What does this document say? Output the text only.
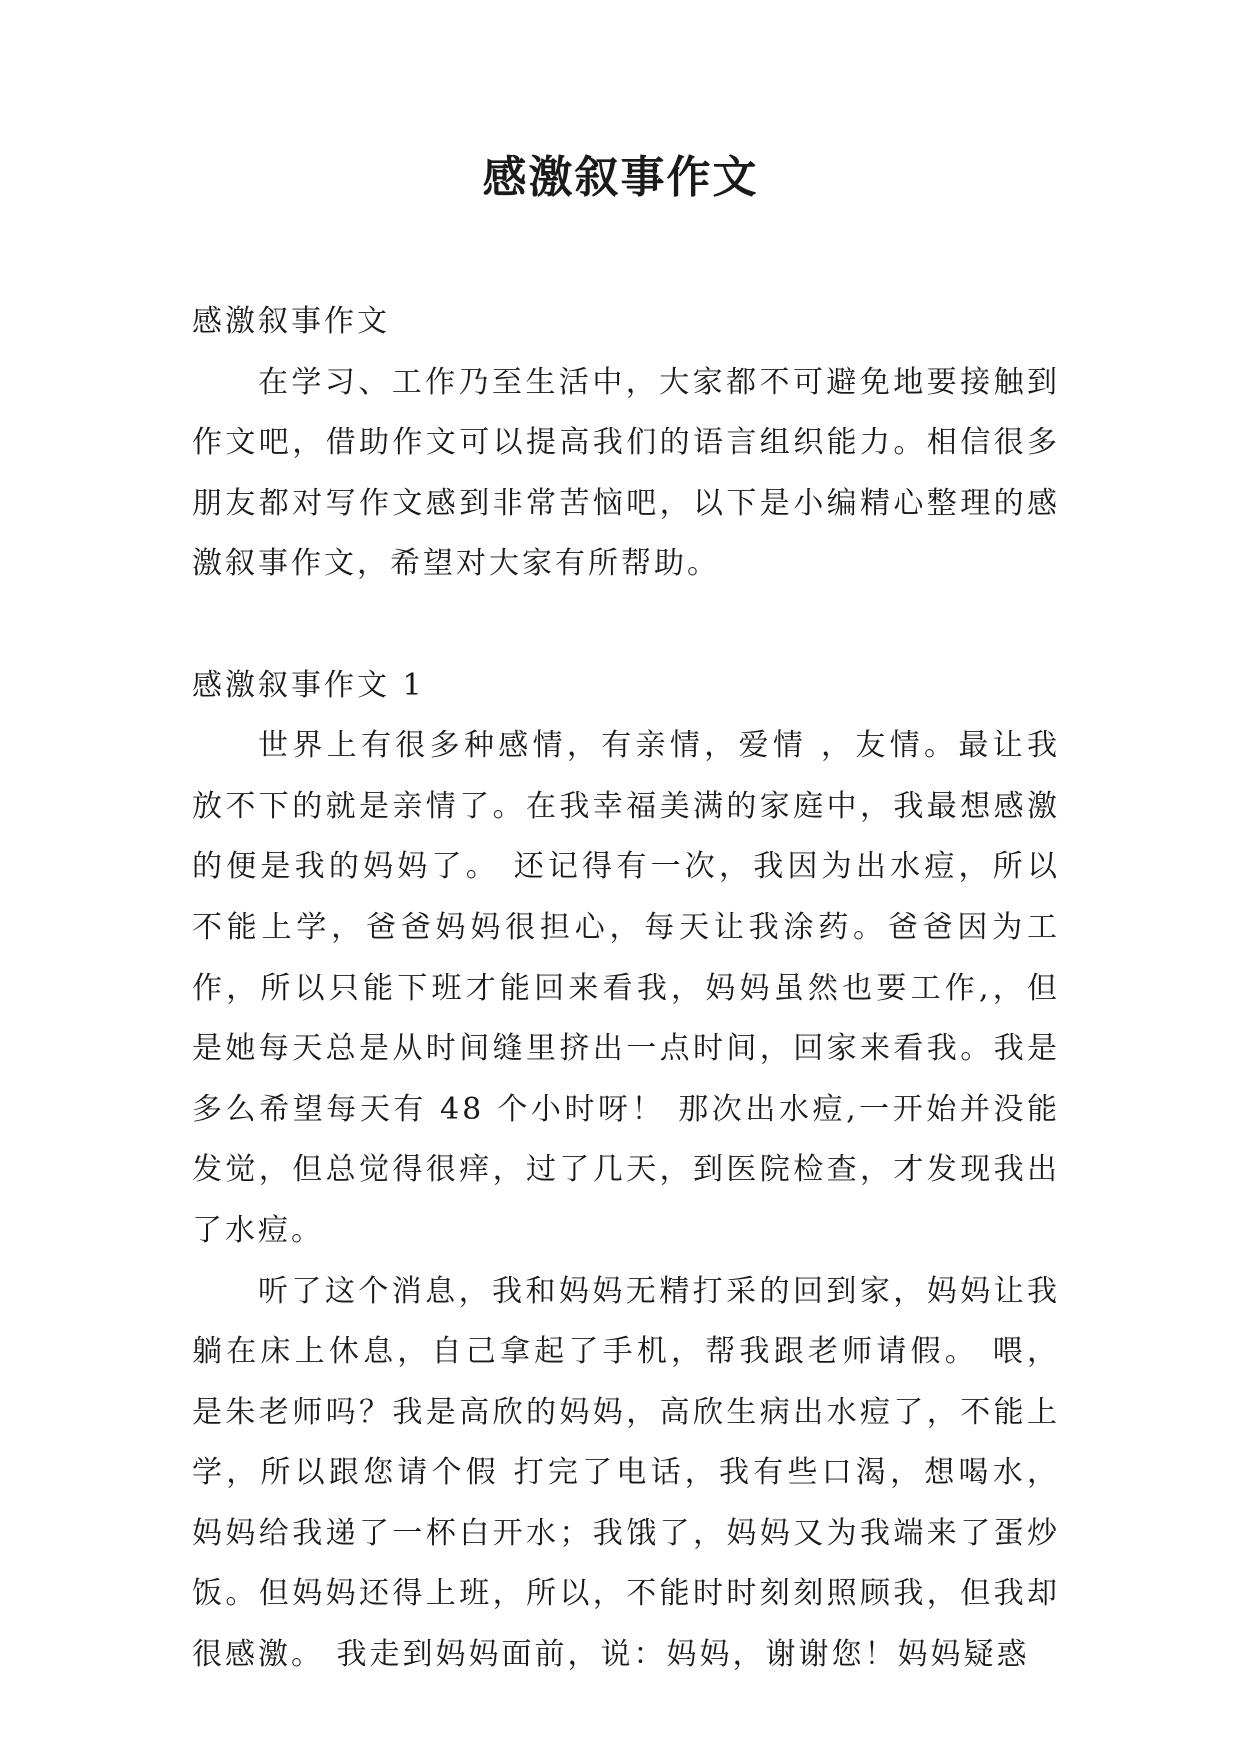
感激叙事作文

感激叙事作文

在学习、工作乃至生活中，大家都不可避免地要接触到作文吧，借助作文可以提高我们的语言组织能力。相信很多朋友都对写作文感到非常苦恼吧，以下是小编精心整理的感激叙事作文，希望对大家有所帮助。

感激叙事作文 1

世界上有很多种感情，有亲情，爱情 ，友情。最让我放不下的就是亲情了。在我幸福美满的家庭中，我最想感激的便是我的妈妈了。 还记得有一次，我因为出水痘，所以不能上学，爸爸妈妈很担心，每天让我涂药。爸爸因为工作，所以只能下班才能回来看我，妈妈虽然也要工作,，但是她每天总是从时间缝里挤出一点时间，回家来看我。我是多么希望每天有 48 个小时呀！ 那次出水痘,一开始并没能发觉，但总觉得很痒，过了几天，到医院检查，才发现我出了水痘。

听了这个消息，我和妈妈无精打采的回到家，妈妈让我躺在床上休息，自己拿起了手机，帮我跟老师请假。 喂，是朱老师吗？我是高欣的妈妈，高欣生病出水痘了，不能上学，所以跟您请个假 打完了电话，我有些口渴，想喝水，妈妈给我递了一杯白开水；我饿了，妈妈又为我端来了蛋炒饭。但妈妈还得上班，所以，不能时时刻刻照顾我，但我却很感激。 我走到妈妈面前，说：妈妈，谢谢您！妈妈疑惑
